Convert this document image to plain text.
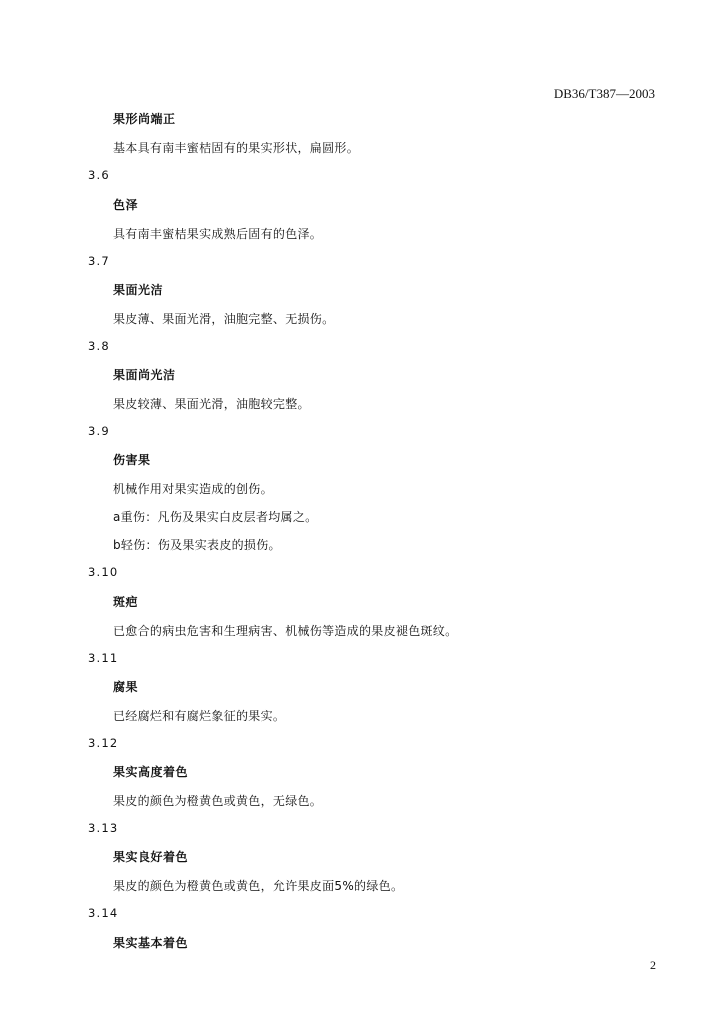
DB36/T387—2003
果形尚端正
基本具有南丰蜜桔固有的果实形状，扁圆形。
3.6
色泽
具有南丰蜜桔果实成熟后固有的色泽。
3.7
果面光洁
果皮薄、果面光滑，油胞完整、无损伤。
3.8
果面尚光洁
果皮较薄、果面光滑，油胞较完整。
3.9
伤害果
机械作用对果实造成的创伤。
a重伤：凡伤及果实白皮层者均属之。
b轻伤：伤及果实表皮的损伤。
3.10
斑疤
已愈合的病虫危害和生理病害、机械伤等造成的果皮褪色斑纹。
3.11
腐果
已经腐烂和有腐烂象征的果实。
3.12
果实高度着色
果皮的颜色为橙黄色或黄色，无绿色。
3.13
果实良好着色
果皮的颜色为橙黄色或黄色，允许果皮面5%的绿色。
3.14
果实基本着色
2
